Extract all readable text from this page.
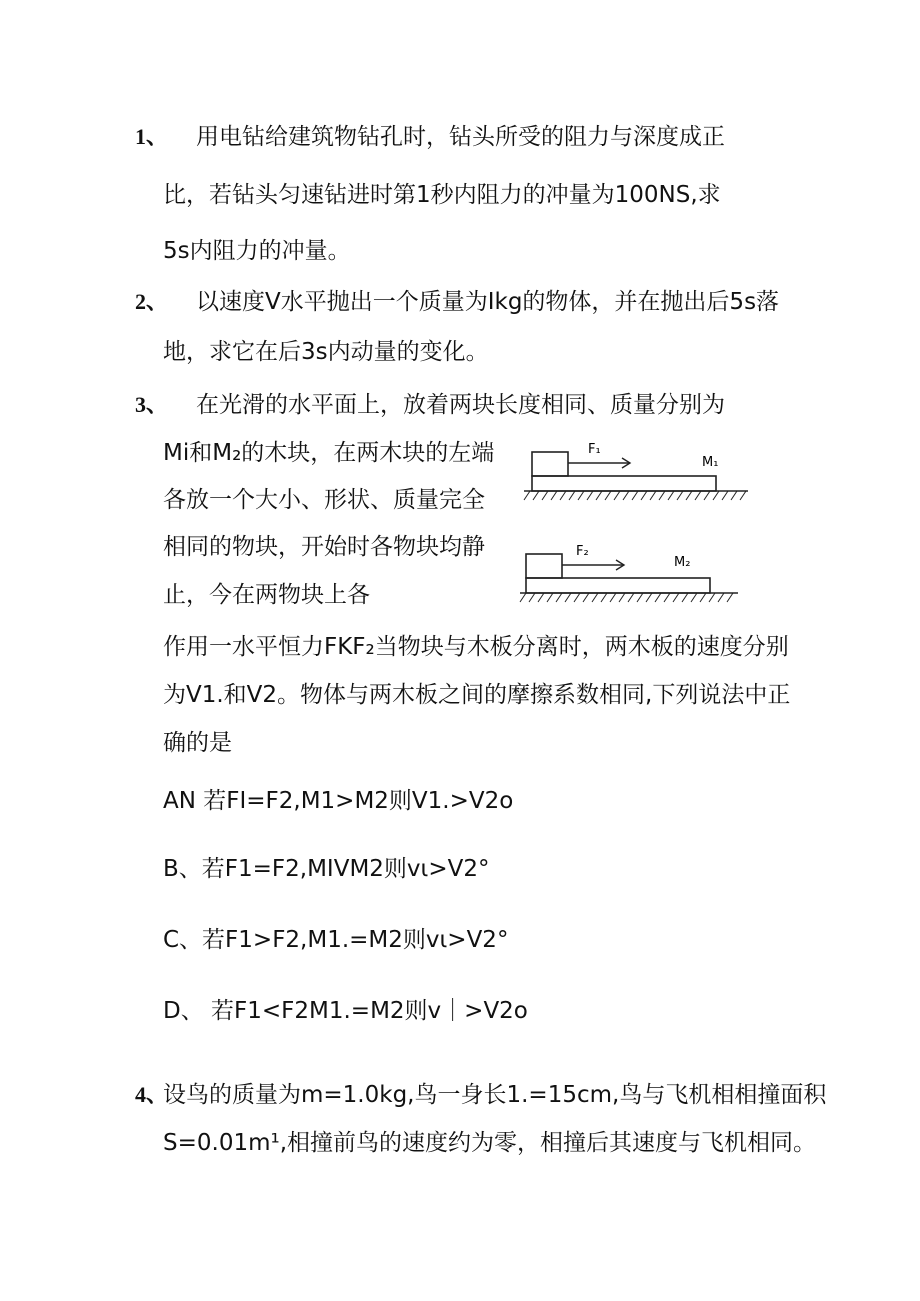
1、 用电钻给建筑物钻孔时，钻头所受的阻力与深度成正
比，若钻头匀速钻进时第1秒内阻力的冲量为100NS,求
5s内阻力的冲量。
2、 以速度V水平抛出一个质量为Ikg的物体，并在抛出后5s落
地，求它在后3s内动量的变化。
3、 在光滑的水平面上，放着两块长度相同、质量分别为
Mi和M₂的木块，在两木块的左端
各放一个大小、形状、质量完全
相同的物块，开始时各物块均静
止，今在两物块上各
F₁
M₁
F₂
M₂
作用一水平恒力FKF₂当物块与木板分离时，两木板的速度分别
为V1.和V2。物体与两木板之间的摩擦系数相同,下列说法中正
确的是
AN 若FI=F2,M1>M2则V1.>V2o
B、若F1=F2,MIVM2则vι>V2°
C、若F1>F2,M1.=M2则vι>V2°
D、 若F1<F2M1.=M2则v｜>V2o
4、
设鸟的质量为m=1.0kg,鸟一身长1.=15cm,鸟与飞机相相撞面积
S=0.01m¹,相撞前鸟的速度约为零，相撞后其速度与飞机相同。
